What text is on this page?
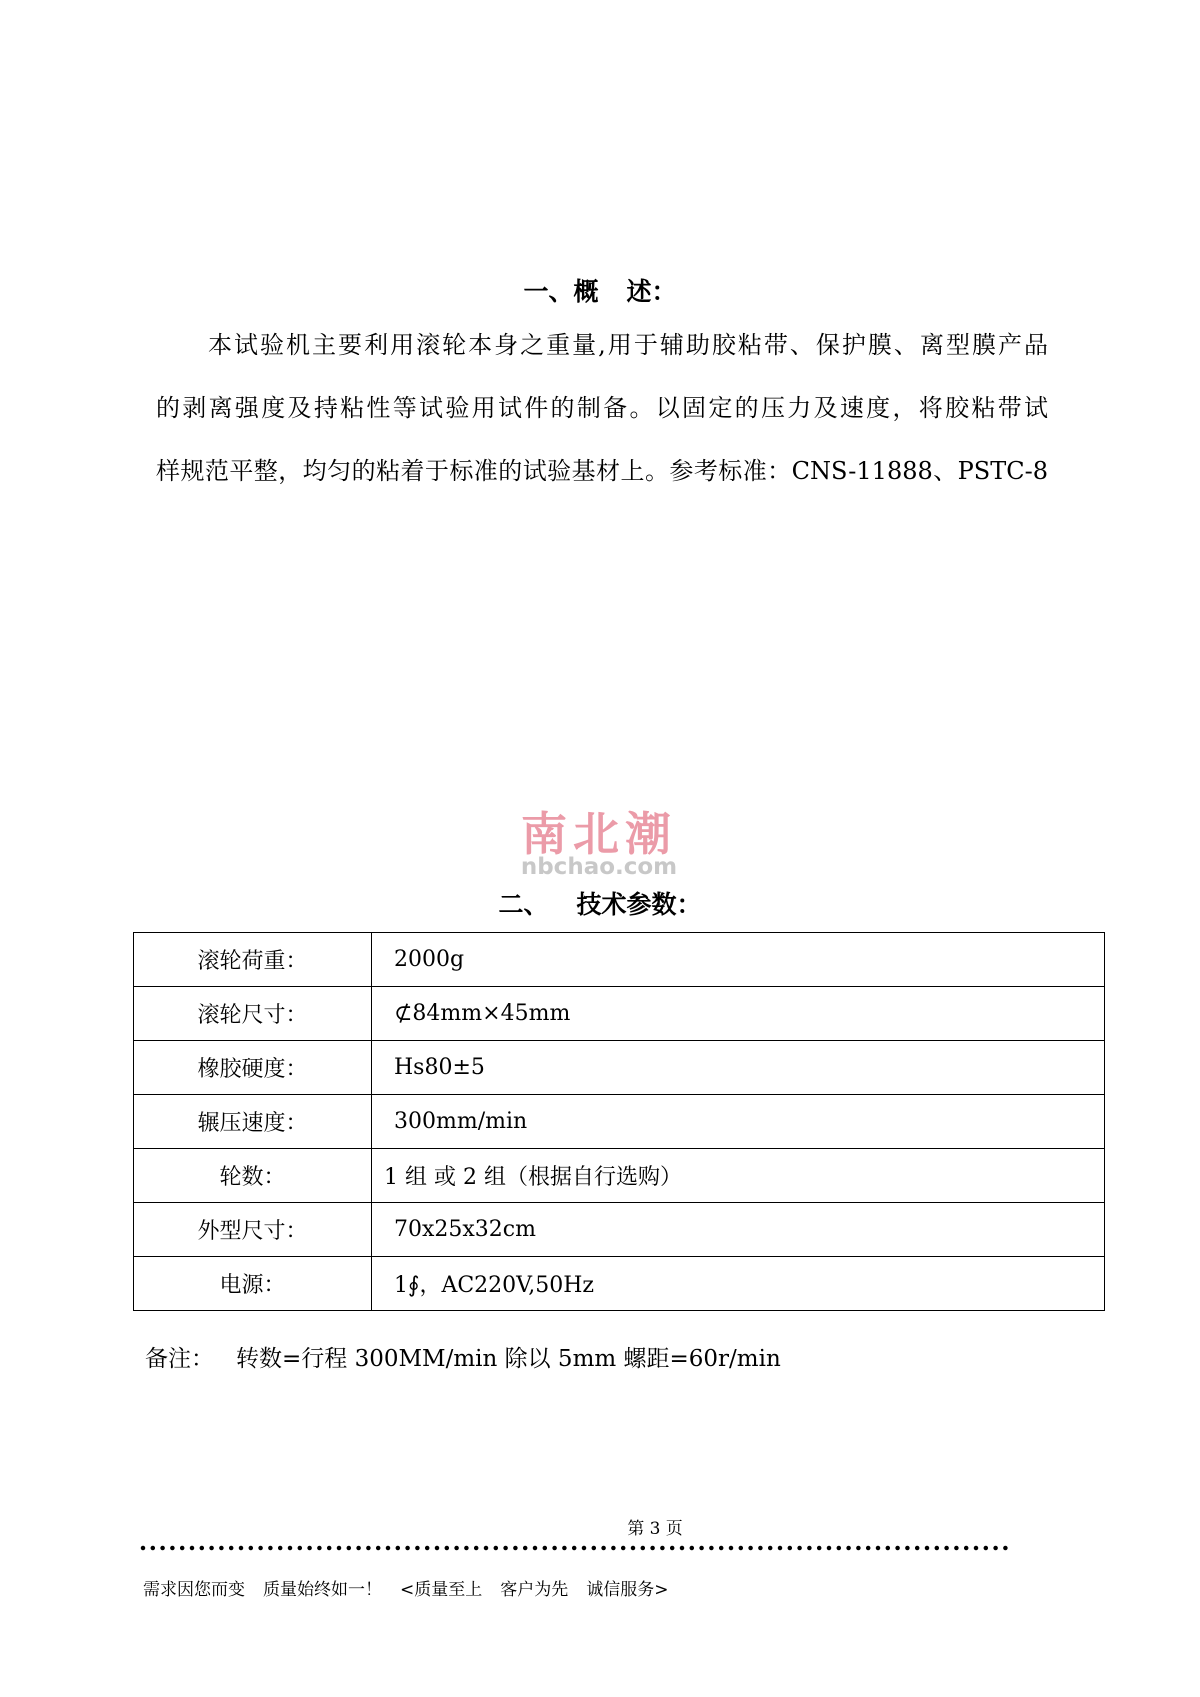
一、概 述：
本试验机主要利用滚轮本身之重量,用于辅助胶粘带、保护膜、离型膜产品
的剥离强度及持粘性等试验用试件的制备。以固定的压力及速度，将胶粘带试
样规范平整，均匀的粘着于标准的试验基材上。参考标准：CNS-11888、PSTC-8
南北潮
nbchao.com
二、 技术参数：
滚轮荷重：	2000g
滚轮尺寸：	⊄84mm×45mm
橡胶硬度：	Hs80±5
辗压速度：	300mm/min
轮数：	1 组 或 2 组（根据自行选购）
外型尺寸：	70x25x32cm
电源：	1∮，AC220V,50Hz
备注： 转数=行程 300MM/min 除以 5mm 螺距=60r/min
第 3 页
需求因您而变 质量始终如一！ <质量至上 客户为先 诚信服务>
